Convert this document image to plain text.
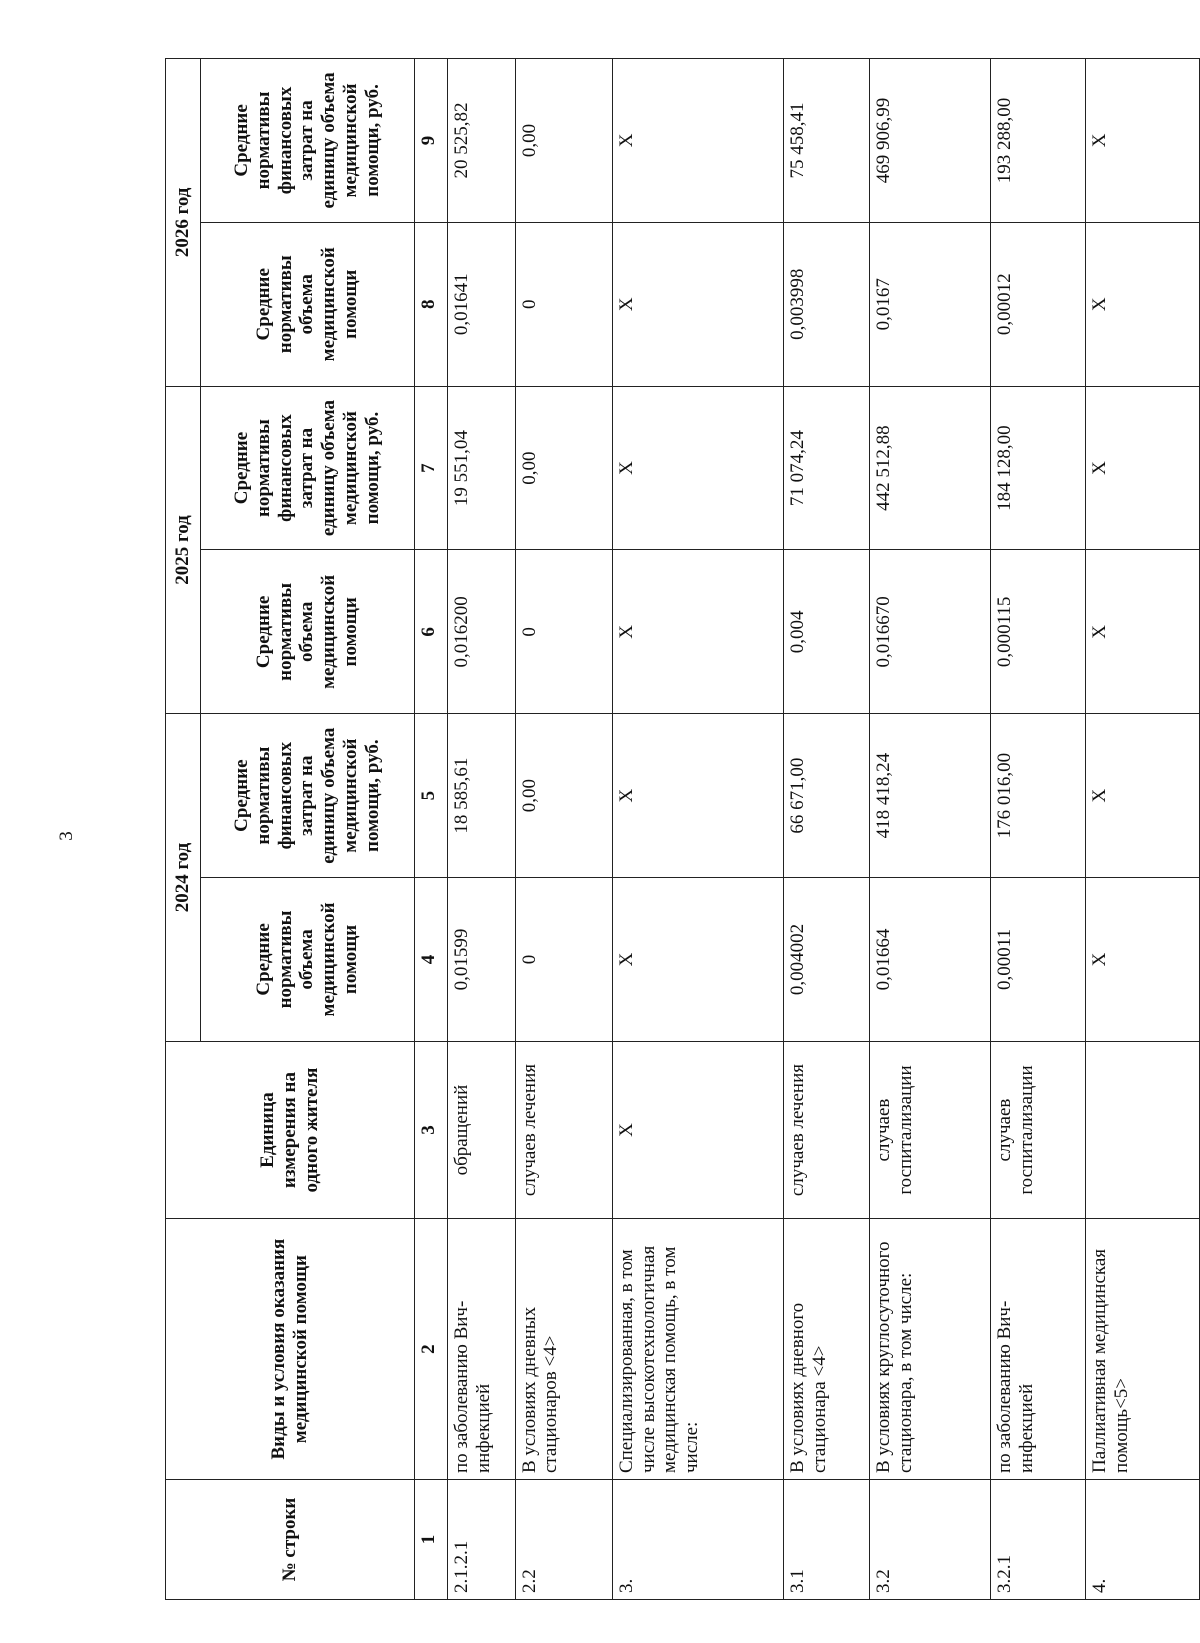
3
№ строки	Виды и условия оказания медицинской помощи	Единица измерения на одного жителя	2024 год		2025 год		2026 год	
			Средние нормативы объема медицинской помощи	Средние нормативы финансовых затрат на единицу объема медицинской помощи, руб.	Средние нормативы объема медицинской помощи	Средние нормативы финансовых затрат на единицу объема медицинской помощи, руб.	Средние нормативы объема медицинской помощи	Средние нормативы финансовых затрат на единицу объема медицинской помощи, руб.
1	2	3	4	5	6	7	8	9
2.1.2.1	по заболеванию Вич-инфекцией	обращений	0,01599	18 585,61	0,016200	19 551,04	0,01641	20 525,82
2.2	В условиях дневных стационаров <4>	случаев лечения	0	0,00	0	0,00	0	0,00
3.	Специализированная, в том числе высокотехнологичная медицинская помощь, в том числе:	Х	Х	Х	Х	Х	Х	Х
3.1	В условиях дневного стационара <4>	случаев лечения	0,004002	66 671,00	0,004	71 074,24	0,003998	75 458,41
3.2	В условиях круглосуточного стационара, в том числе:	случаев госпитализации	0,01664	418 418,24	0,016670	442 512,88	0,0167	469 906,99
3.2.1	по заболеванию Вич-инфекцией	случаев госпитализации	0,00011	176 016,00	0,000115	184 128,00	0,00012	193 288,00
4.	Паллиативная медицинская помощь<5>		Х	Х	Х	Х	Х	Х
